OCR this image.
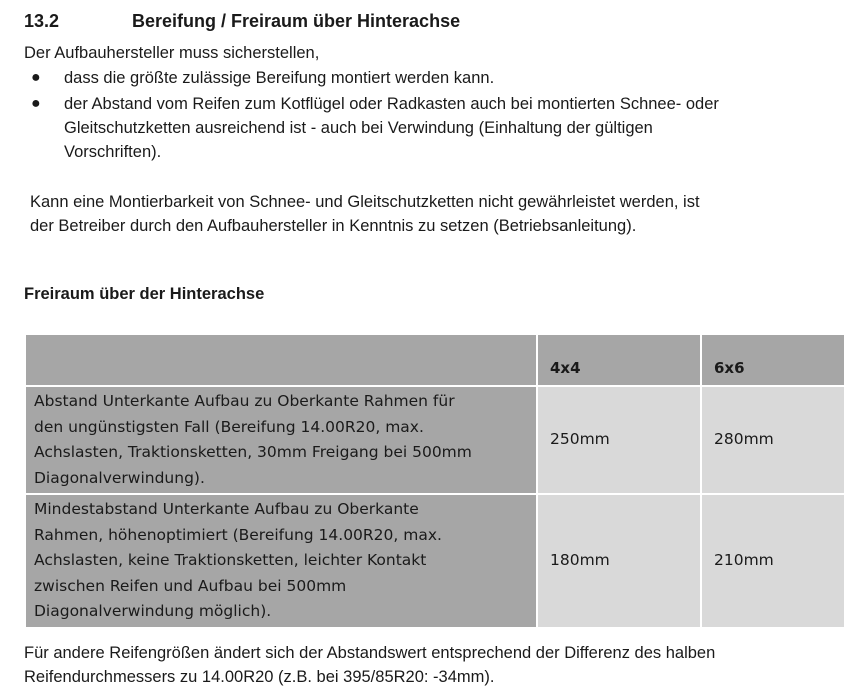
13.2	Bereifung / Freiraum über Hinterachse

Der Aufbauhersteller muss sicherstellen,

● dass die größte zulässige Bereifung montiert werden kann.
● der Abstand vom Reifen zum Kotflügel oder Radkasten auch bei montierten Schnee- oder
Gleitschutzketten ausreichend ist - auch bei Verwindung (Einhaltung der gültigen
Vorschriften).

Kann eine Montierbarkeit von Schnee- und Gleitschutzketten nicht gewährleistet werden, ist
der Betreiber durch den Aufbauhersteller in Kenntnis zu setzen (Betriebsanleitung).

Freiraum über der Hinterachse
	4x4	6x6
Abstand Unterkante Aufbau zu Oberkante Rahmen für
den ungünstigsten Fall (Bereifung 14.00R20, max.
Achslasten, Traktionsketten, 30mm Freigang bei 500mm
Diagonalverwindung).	250mm	280mm
Mindestabstand Unterkante Aufbau zu Oberkante
Rahmen, höhenoptimiert (Bereifung 14.00R20, max.
Achslasten, keine Traktionsketten, leichter Kontakt
zwischen Reifen und Aufbau bei 500mm
Diagonalverwindung möglich).	180mm	210mm

Für andere Reifengrößen ändert sich der Abstandswert entsprechend der Differenz des halben
Reifendurchmessers zu 14.00R20 (z.B. bei 395/85R20: -34mm).
